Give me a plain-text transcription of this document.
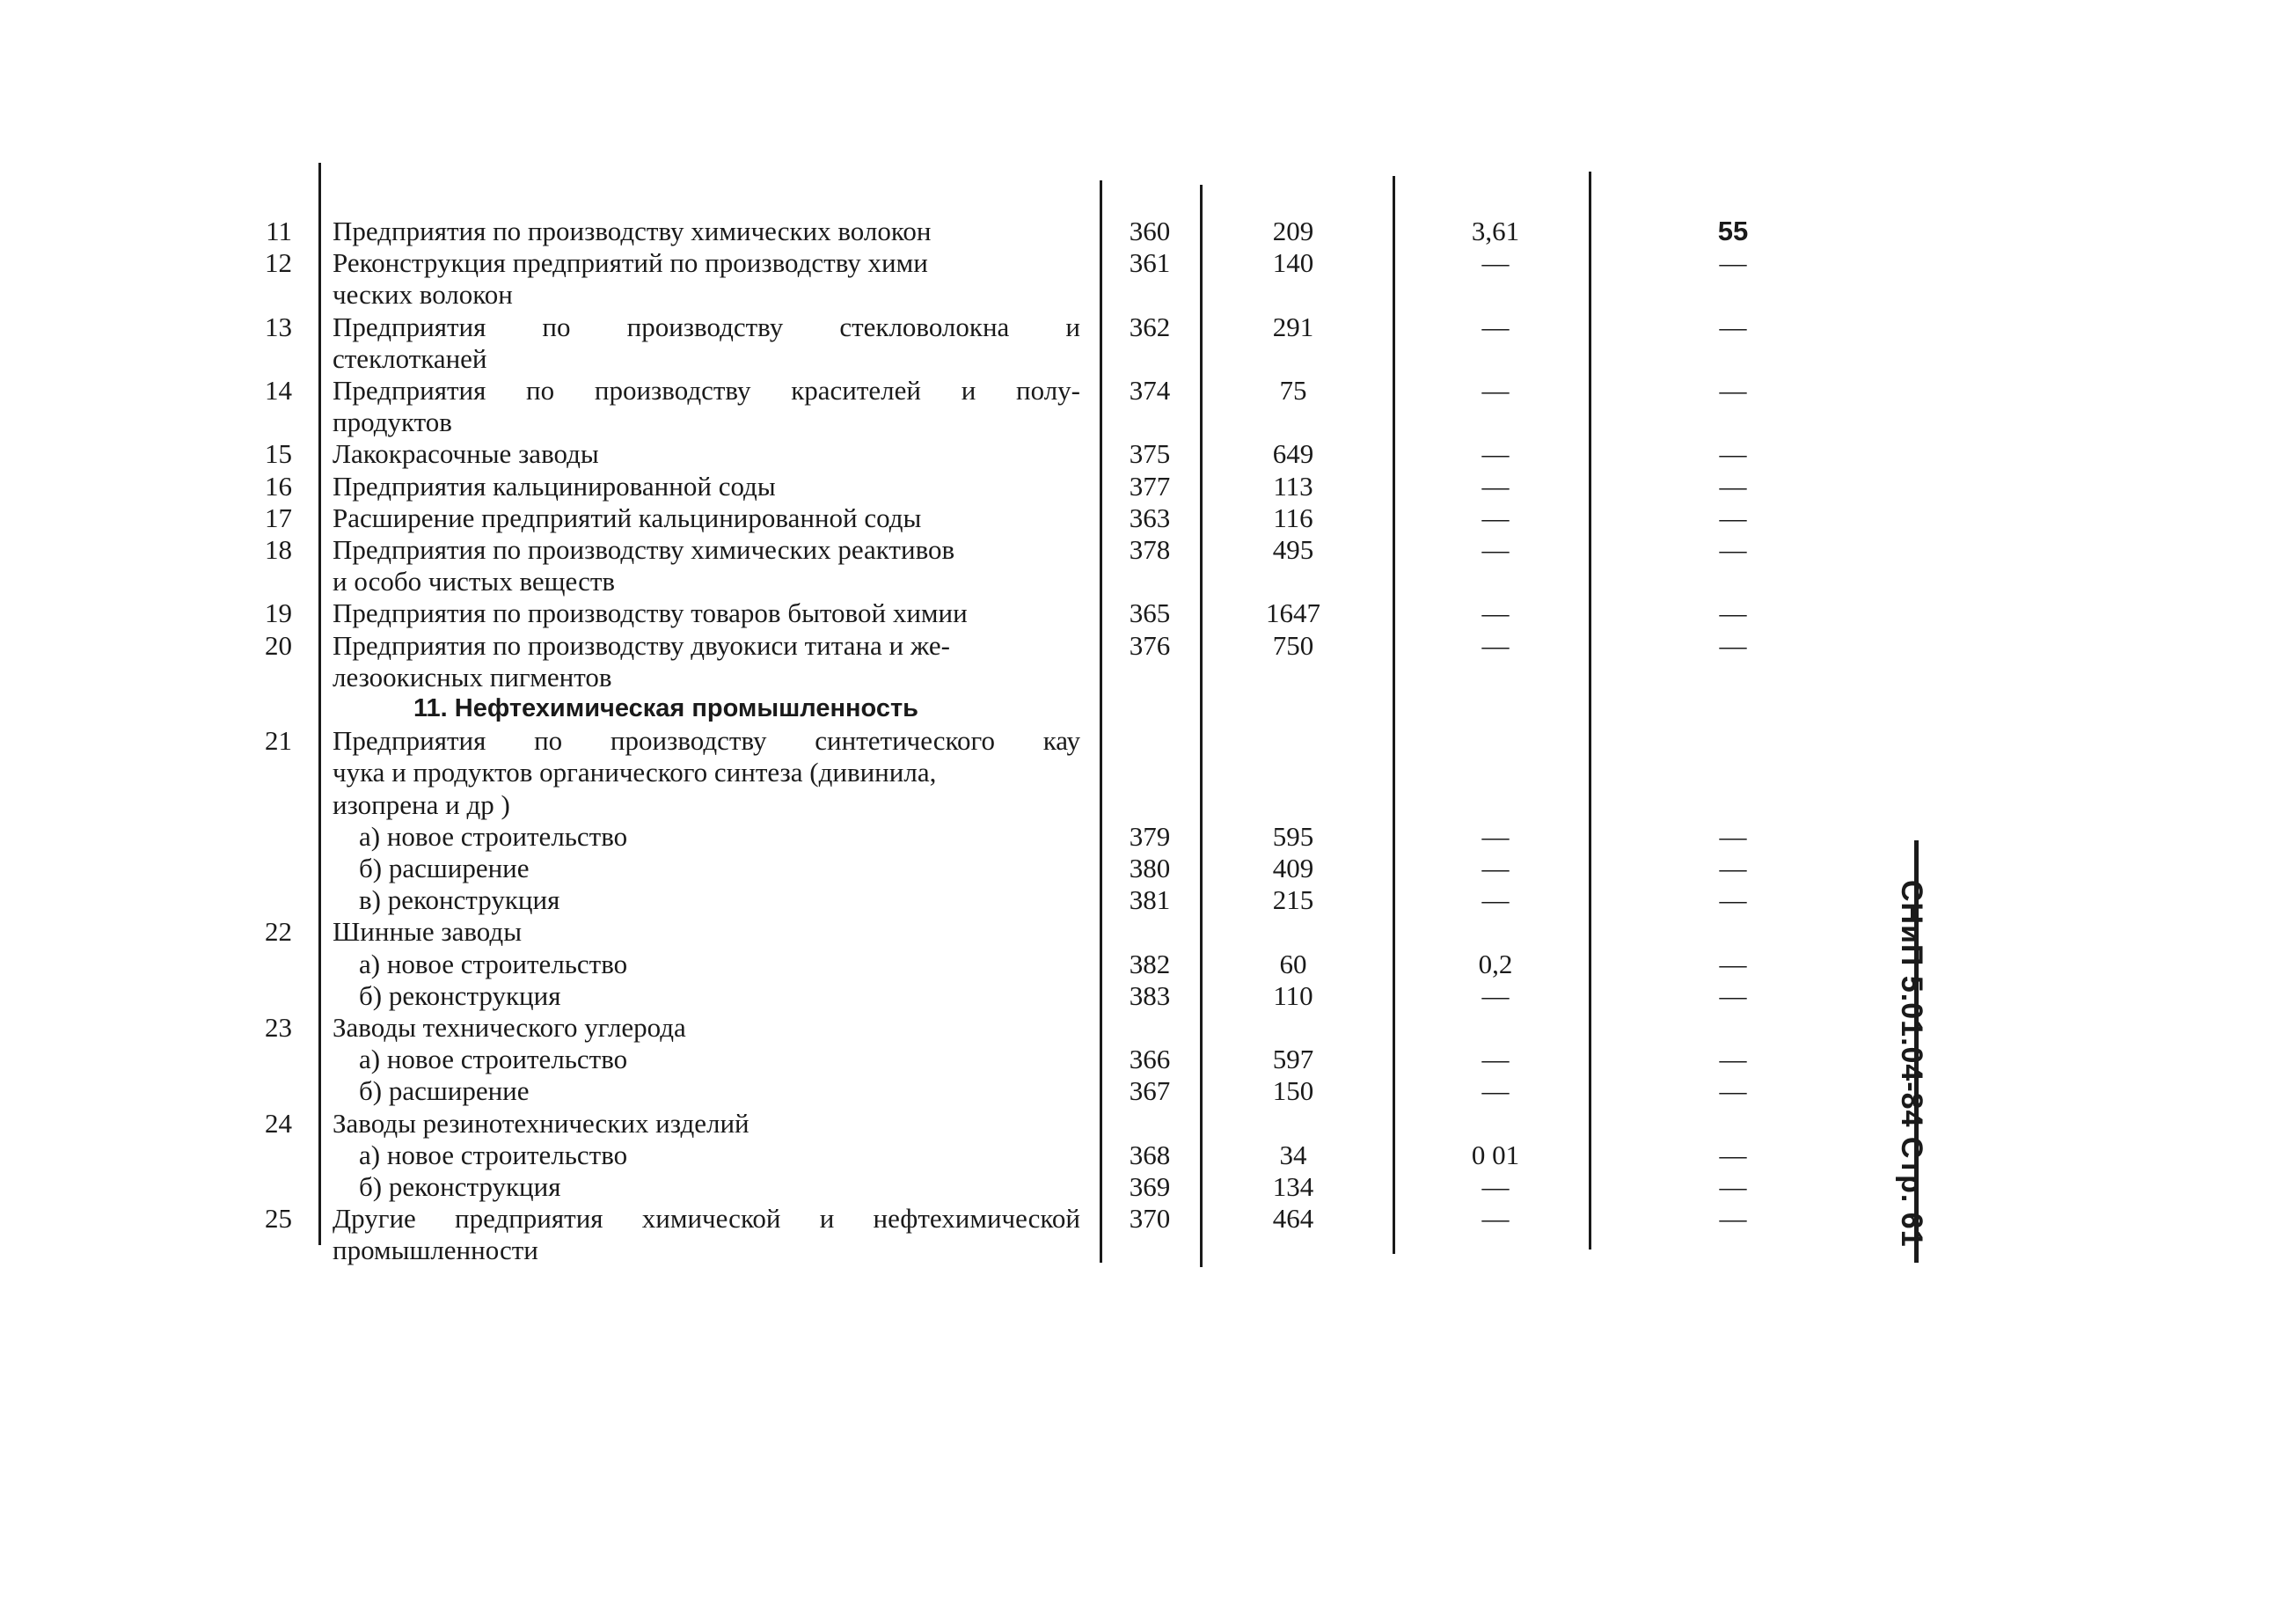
11 Предприятия по производству химических волокон	360	209	3,61	55
12 Реконструкция предприятий по производству хими	361	140	—	—
ческих волокон
13 Предприятия по производству стекловолокна и	362	291	—	—
стеклотканей
14 Предприятия по производству красителей и полу-	374	75	—	—
продуктов
15 Лакокрасочные заводы	375	649	—	—
16 Предприятия кальцинированной соды	377	113	—	—
17 Расширение предприятий кальцинированной соды	363	116	—	—
18 Предприятия по производству химических реактивов	378	495	—	—
и особо чистых веществ
19 Предприятия по производству товаров бытовой химии	365	1647	—	—
20 Предприятия по производству двуокиси титана и же-	376	750	—	—
лезоокисных пигментов
11. Нефтехимическая промышленность
21 Предприятия по производству синтетического кау
чука и продуктов органического синтеза (дивинила,
изопрена и др )
а) новое строительство	379	595	—	—
б) расширение	380	409	—	—
в) реконструкция	381	215	—	—
22 Шинные заводы
а) новое строительство	382	60	0,2	—
б) реконструкция	383	110	—	—
23 Заводы технического углерода
а) новое строительство	366	597	—	—
б) расширение	367	150	—	—
24 Заводы резинотехнических изделий
а) новое строительство	368	34	0 01	—
б) реконструкция	369	134	—	—
25 Другие предприятия химической и нефтехимической	370	464	—	—
промышленности
СНиП 5.01.04-84 Стр. 61
